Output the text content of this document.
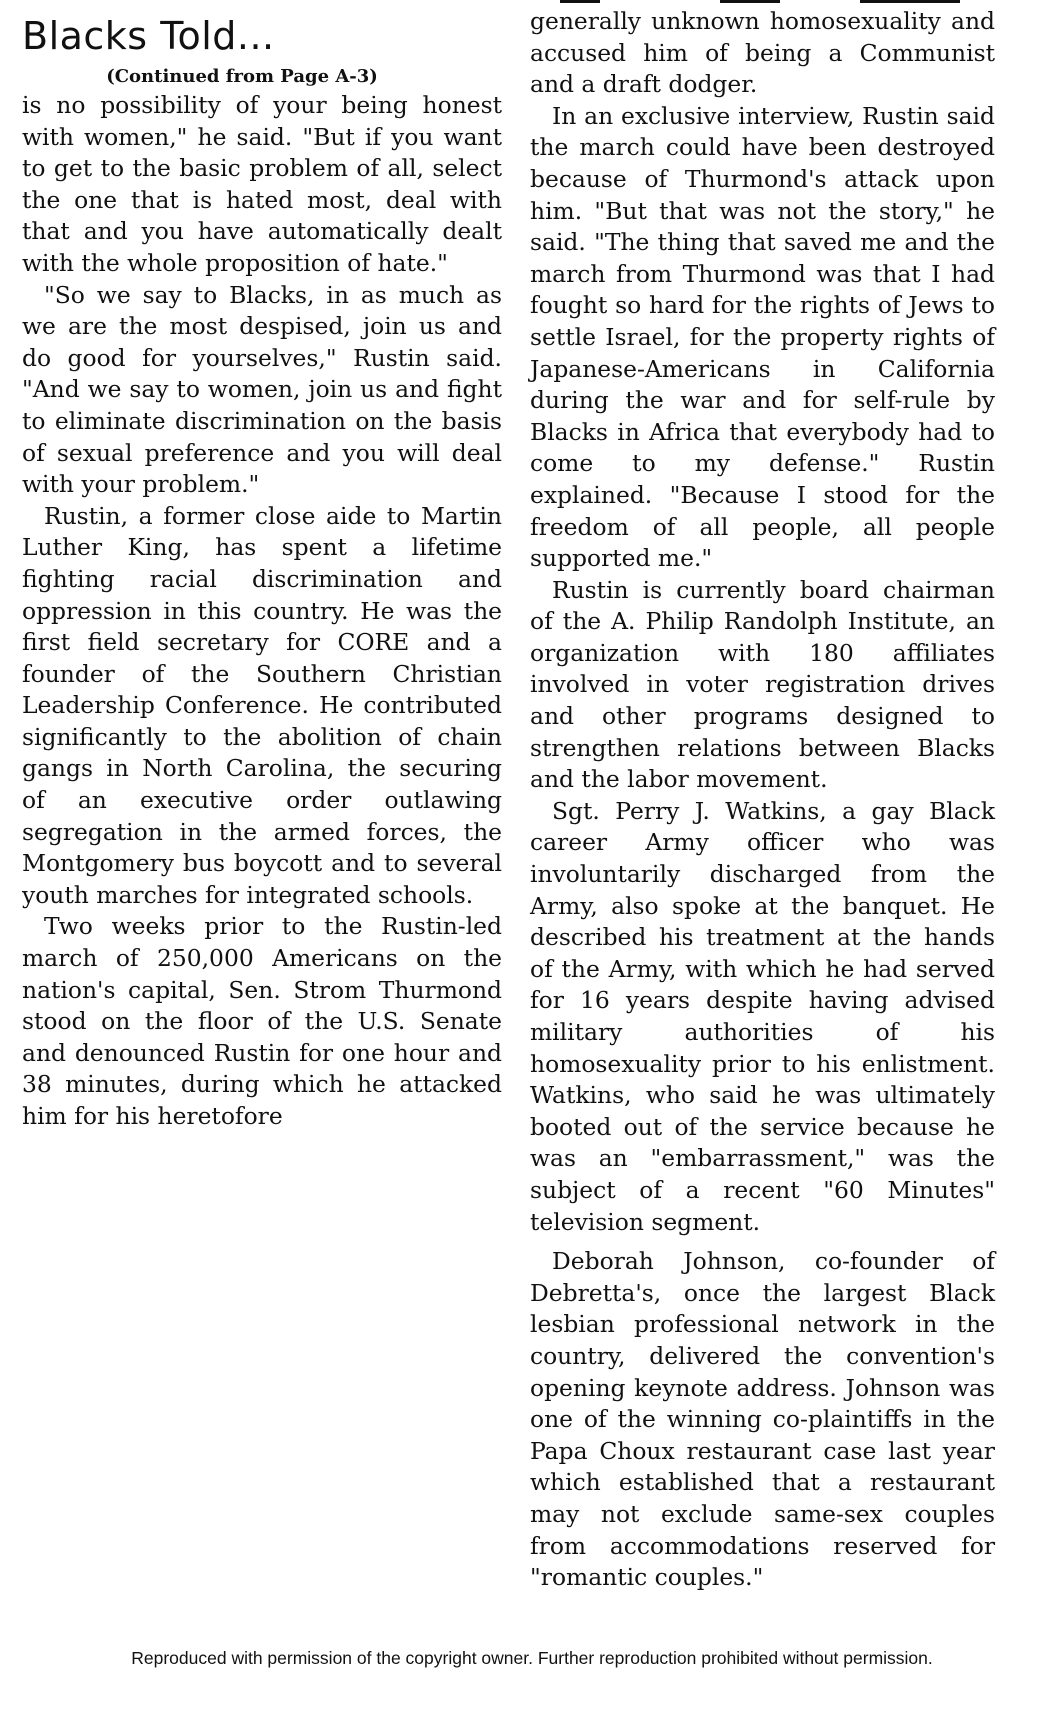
Blacks Told...
(Continued from Page A-3)

is no possibility of your being honest with women," he said. "But if you want to get to the basic problem of all, select the one that is hated most, deal with that and you have automatically dealt with the whole proposition of hate."

"So we say to Blacks, in as much as we are the most despised, join us and do good for yourselves," Rustin said. "And we say to women, join us and fight to eliminate discrimination on the basis of sexual preference and you will deal with your problem."

Rustin, a former close aide to Martin Luther King, has spent a lifetime fighting racial discrimination and oppression in this country. He was the first field secretary for CORE and a founder of the Southern Christian Leadership Conference. He contributed significantly to the abolition of chain gangs in North Carolina, the securing of an executive order outlawing segregation in the armed forces, the Montgomery bus boycott and to several youth marches for integrated schools.

Two weeks prior to the Rustin-led march of 250,000 Americans on the nation's capital, Sen. Strom Thurmond stood on the floor of the U.S. Senate and denounced Rustin for one hour and 38 minutes, during which he attacked him for his heretofore

generally unknown homosexuality and accused him of being a Communist and a draft dodger.

In an exclusive interview, Rustin said the march could have been destroyed because of Thurmond's attack upon him. "But that was not the story," he said. "The thing that saved me and the march from Thurmond was that I had fought so hard for the rights of Jews to settle Israel, for the property rights of Japanese-Americans in California during the war and for self-rule by Blacks in Africa that everybody had to come to my defense." Rustin explained. "Because I stood for the freedom of all people, all people supported me."

Rustin is currently board chairman of the A. Philip Randolph Institute, an organization with 180 affiliates involved in voter registration drives and other programs designed to strengthen relations between Blacks and the labor movement.

Sgt. Perry J. Watkins, a gay Black career Army officer who was involuntarily discharged from the Army, also spoke at the banquet. He described his treatment at the hands of the Army, with which he had served for 16 years despite having advised military authorities of his homosexuality prior to his enlistment. Watkins, who said he was ultimately booted out of the service because he was an "embarrassment," was the subject of a recent "60 Minutes" television segment.

Deborah Johnson, co-founder of Debretta's, once the largest Black lesbian professional network in the country, delivered the convention's opening keynote address. Johnson was one of the winning co-plaintiffs in the Papa Choux restaurant case last year which established that a restaurant may not exclude same-sex couples from accommodations reserved for "romantic couples."

Reproduced with permission of the copyright owner. Further reproduction prohibited without permission.
